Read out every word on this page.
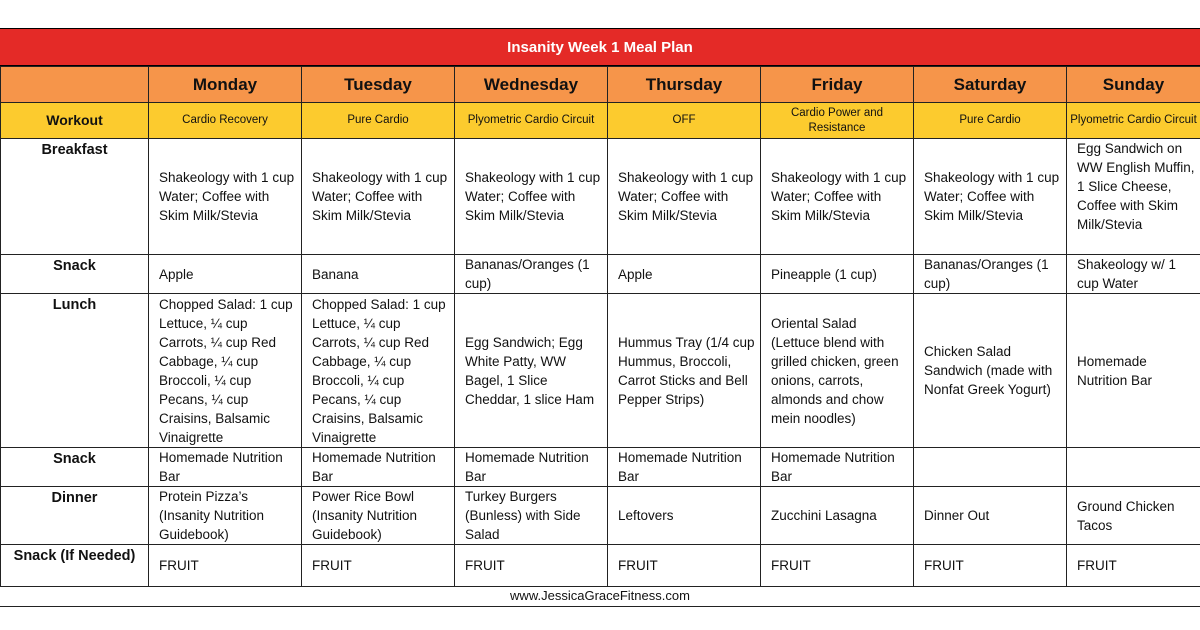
Insanity Week 1 Meal Plan
	Monday	Tuesday	Wednesday	Thursday	Friday	Saturday	Sunday
Workout	Cardio Recovery	Pure Cardio	Plyometric Cardio Circuit	OFF	Cardio Power and Resistance	Pure Cardio	Plyometric Cardio Circuit
Breakfast	Shakeology with 1 cup Water; Coffee with Skim Milk/Stevia	Shakeology with 1 cup Water; Coffee with Skim Milk/Stevia	Shakeology with 1 cup Water; Coffee with Skim Milk/Stevia	Shakeology with 1 cup Water; Coffee with Skim Milk/Stevia	Shakeology with 1 cup Water; Coffee with Skim Milk/Stevia	Shakeology with 1 cup Water; Coffee with Skim Milk/Stevia	Egg Sandwich on WW English Muffin, 1 Slice Cheese, Coffee with Skim Milk/Stevia
Snack	Apple	Banana	Bananas/Oranges (1 cup)	Apple	Pineapple (1 cup)	Bananas/Oranges (1 cup)	Shakeology w/ 1 cup Water
Lunch	Chopped Salad: 1 cup Lettuce, ¼ cup Carrots, ¼ cup Red Cabbage, ¼ cup Broccoli, ¼ cup Pecans, ¼ cup Craisins, Balsamic Vinaigrette	Chopped Salad: 1 cup Lettuce, ¼ cup Carrots, ¼ cup Red Cabbage, ¼ cup Broccoli, ¼ cup Pecans, ¼ cup Craisins, Balsamic Vinaigrette	Egg Sandwich; Egg White Patty, WW Bagel, 1 Slice Cheddar, 1 slice Ham	Hummus Tray (1/4 cup Hummus, Broccoli, Carrot Sticks and Bell Pepper Strips)	Oriental Salad (Lettuce blend with grilled chicken, green onions, carrots, almonds and chow mein noodles)	Chicken Salad Sandwich (made with Nonfat Greek Yogurt)	Homemade Nutrition Bar
Snack	Homemade Nutrition Bar	Homemade Nutrition Bar	Homemade Nutrition Bar	Homemade Nutrition Bar	Homemade Nutrition Bar		
Dinner	Protein Pizza’s (Insanity Nutrition Guidebook)	Power Rice Bowl (Insanity Nutrition Guidebook)	Turkey Burgers (Bunless) with Side Salad	Leftovers	Zucchini Lasagna	Dinner Out	Ground Chicken Tacos
Snack (If Needed)	FRUIT	FRUIT	FRUIT	FRUIT	FRUIT	FRUIT	FRUIT
www.JessicaGraceFitness.com
